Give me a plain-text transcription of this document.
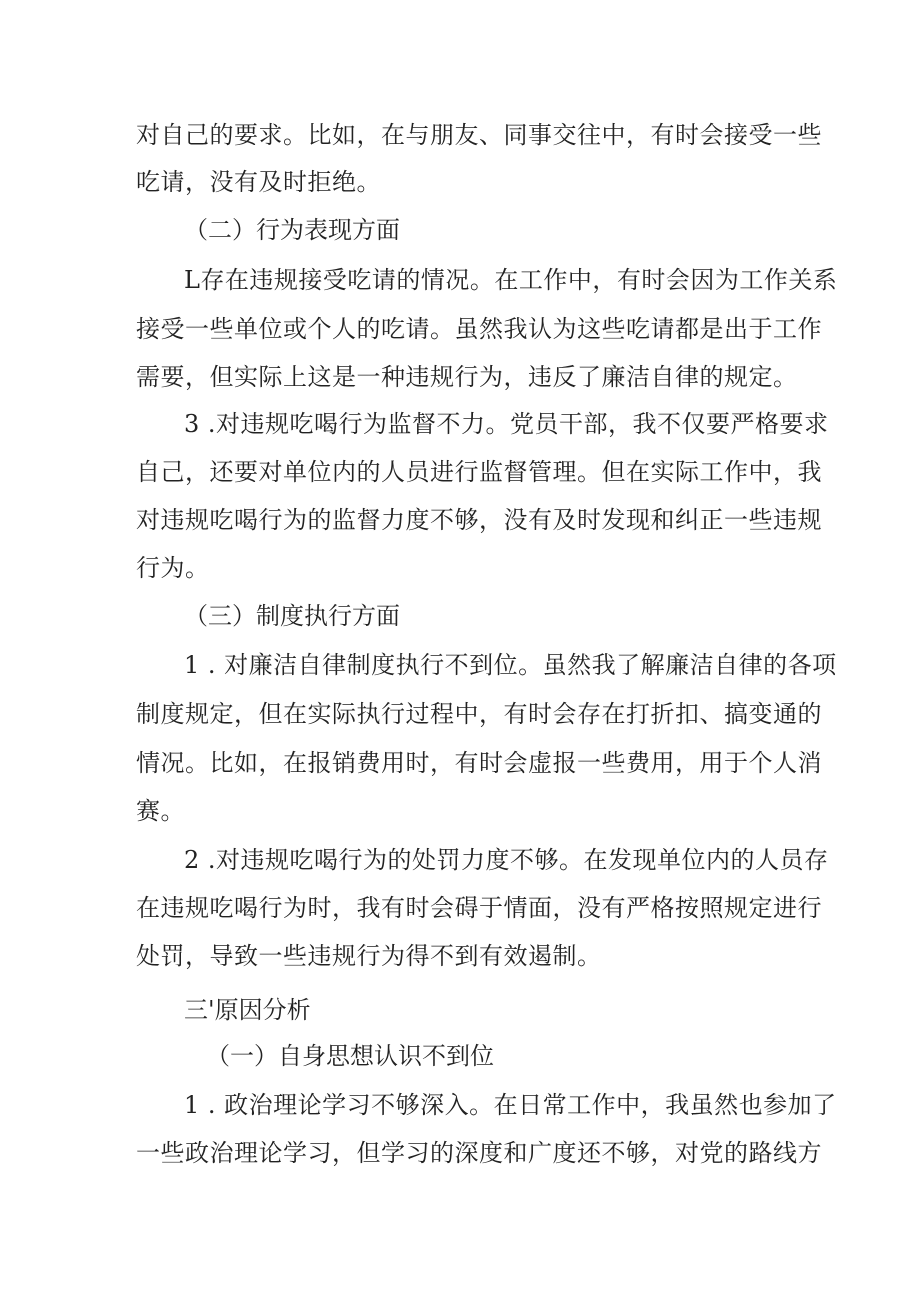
对自己的要求。比如，在与朋友、同事交往中，有时会接受一些
吃请，没有及时拒绝。
（二）行为表现方面
L存在违规接受吃请的情况。在工作中，有时会因为工作关系
接受一些单位或个人的吃请。虽然我认为这些吃请都是出于工作
需要，但实际上这是一种违规行为，违反了廉洁自律的规定。
3 .对违规吃喝行为监督不力。党员干部，我不仅要严格要求
自己，还要对单位内的人员进行监督管理。但在实际工作中，我
对违规吃喝行为的监督力度不够，没有及时发现和纠正一些违规
行为。
（三）制度执行方面
1 . 对廉洁自律制度执行不到位。虽然我了解廉洁自律的各项
制度规定，但在实际执行过程中，有时会存在打折扣、搞变通的
情况。比如，在报销费用时，有时会虚报一些费用，用于个人消
赛。
2 .对违规吃喝行为的处罚力度不够。在发现单位内的人员存
在违规吃喝行为时，我有时会碍于情面，没有严格按照规定进行
处罚，导致一些违规行为得不到有效遏制。
三'原因分析
（一）自身思想认识不到位
1 . 政治理论学习不够深入。在日常工作中，我虽然也参加了
一些政治理论学习，但学习的深度和广度还不够，对党的路线方
